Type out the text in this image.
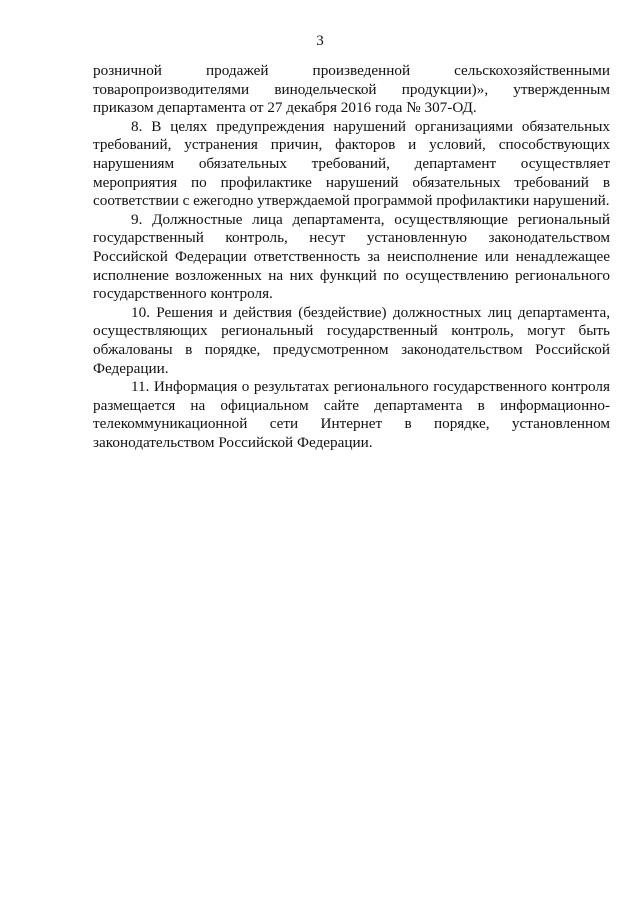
3

розничной продажей произведенной сельскохозяйственными товаропроизводителями винодельческой продукции)», утвержденным приказом департамента от 27 декабря 2016 года № 307-ОД.

8. В целях предупреждения нарушений организациями обязательных требований, устранения причин, факторов и условий, способствующих нарушениям обязательных требований, департамент осуществляет мероприятия по профилактике нарушений обязательных требований в соответствии с ежегодно утверждаемой программой профилактики нарушений.

9. Должностные лица департамента, осуществляющие региональный государственный контроль, несут установленную законодательством Российской Федерации ответственность за неисполнение или ненадлежащее исполнение возложенных на них функций по осуществлению регионального государственного контроля.

10. Решения и действия (бездействие) должностных лиц департамента, осуществляющих региональный государственный контроль, могут быть обжалованы в порядке, предусмотренном законодательством Российской Федерации.

11. Информация о результатах регионального государственного контроля размещается на официальном сайте департамента в информационно-телекоммуникационной сети Интернет в порядке, установленном законодательством Российской Федерации.
